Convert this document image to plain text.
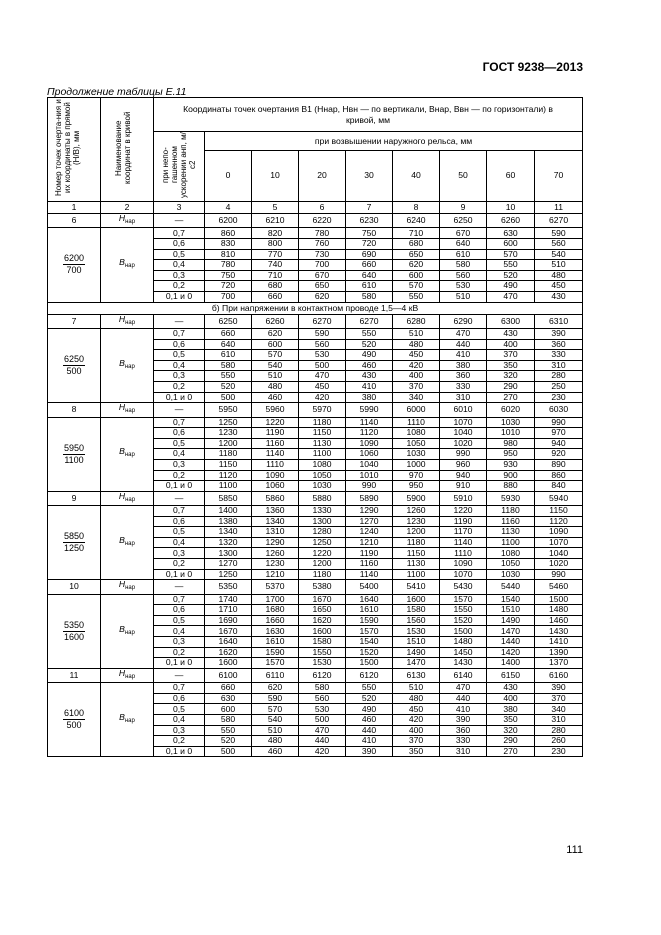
ГОСТ 9238—2013
Продолжение таблицы Е.11
Номер точек очерта-ния и их координаты в прямой (H/B), мм	Наименование координат в кривой	Координаты точек очертания В1 (Hнар, Hвн — по вертикали, Bнар, Bвн — по горизонтали) в кривой, мм								
		при непо-гашенном ускорении aнп, м/с2	при возвышении наружного рельса, мм							
			0	10	20	30	40	50	60	70
1	2	3	4	5	6	7	8	9	10	11
6	$H_{нар}$	—	6200	6210	6220	6230	6240	6250	6260	6270

$\frac{6200}{700}$	$B_{нар}$	0,7	860	820	780	750	710	670	630	590
		0,6	830	800	760	720	680	640	600	560
		0,5	810	770	730	690	650	610	570	540
		0,4	780	740	700	660	620	580	550	510
		0,3	750	710	670	640	600	560	520	480
		0,2	720	680	650	610	570	530	490	450
		0,1 и 0	700	660	620	580	550	510	470	430
б) При напряжении в контактном проводе 1,5—4 кВ										
7	$H_{нар}$	—	6250	6260	6270	6270	6280	6290	6300	6310

$\frac{6250}{500}$	$B_{нар}$	0,7	660	620	590	550	510	470	430	390
		0,6	640	600	560	520	480	440	400	360
		0,5	610	570	530	490	450	410	370	330
		0,4	580	540	500	460	420	380	350	310
		0,3	550	510	470	430	400	360	320	280
		0,2	520	480	450	410	370	330	290	250
		0,1 и 0	500	460	420	380	340	310	270	230
8	$H_{нар}$	—	5950	5960	5970	5990	6000	6010	6020	6030

$\frac{5950}{1100}$	$B_{нар}$	0,7	1250	1220	1180	1140	1110	1070	1030	990
		0,6	1230	1190	1150	1120	1080	1040	1010	970
		0,5	1200	1160	1130	1090	1050	1020	980	940
		0,4	1180	1140	1100	1060	1030	990	950	920
		0,3	1150	1110	1080	1040	1000	960	930	890
		0,2	1120	1090	1050	1010	970	940	900	860
		0,1 и 0	1100	1060	1030	990	950	910	880	840
9	$H_{нар}$	—	5850	5860	5880	5890	5900	5910	5930	5940

$\frac{5850}{1250}$	$B_{нар}$	0,7	1400	1360	1330	1290	1260	1220	1180	1150
		0,6	1380	1340	1300	1270	1230	1190	1160	1120
		0,5	1340	1310	1280	1240	1200	1170	1130	1090
		0,4	1320	1290	1250	1210	1180	1140	1100	1070
		0,3	1300	1260	1220	1190	1150	1110	1080	1040
		0,2	1270	1230	1200	1160	1130	1090	1050	1020
		0,1 и 0	1250	1210	1180	1140	1100	1070	1030	990
10	$H_{нар}$	—	5350	5370	5380	5400	5410	5430	5440	5460

$\frac{5350}{1600}$	$B_{нар}$	0,7	1740	1700	1670	1640	1600	1570	1540	1500
		0,6	1710	1680	1650	1610	1580	1550	1510	1480
		0,5	1690	1660	1620	1590	1560	1520	1490	1460
		0,4	1670	1630	1600	1570	1530	1500	1470	1430
		0,3	1640	1610	1580	1540	1510	1480	1440	1410
		0,2	1620	1590	1550	1520	1490	1450	1420	1390
		0,1 и 0	1600	1570	1530	1500	1470	1430	1400	1370
11	$H_{нар}$	—	6100	6110	6120	6120	6130	6140	6150	6160

$\frac{6100}{500}$	$B_{нар}$	0,7	660	620	580	550	510	470	430	390
		0,6	630	590	560	520	480	440	400	370
		0,5	600	570	530	490	450	410	380	340
		0,4	580	540	500	460	420	390	350	310
		0,3	550	510	470	440	400	360	320	280
		0,2	520	480	440	410	370	330	290	260
		0,1 и 0	500	460	420	390	350	310	270	230
111
